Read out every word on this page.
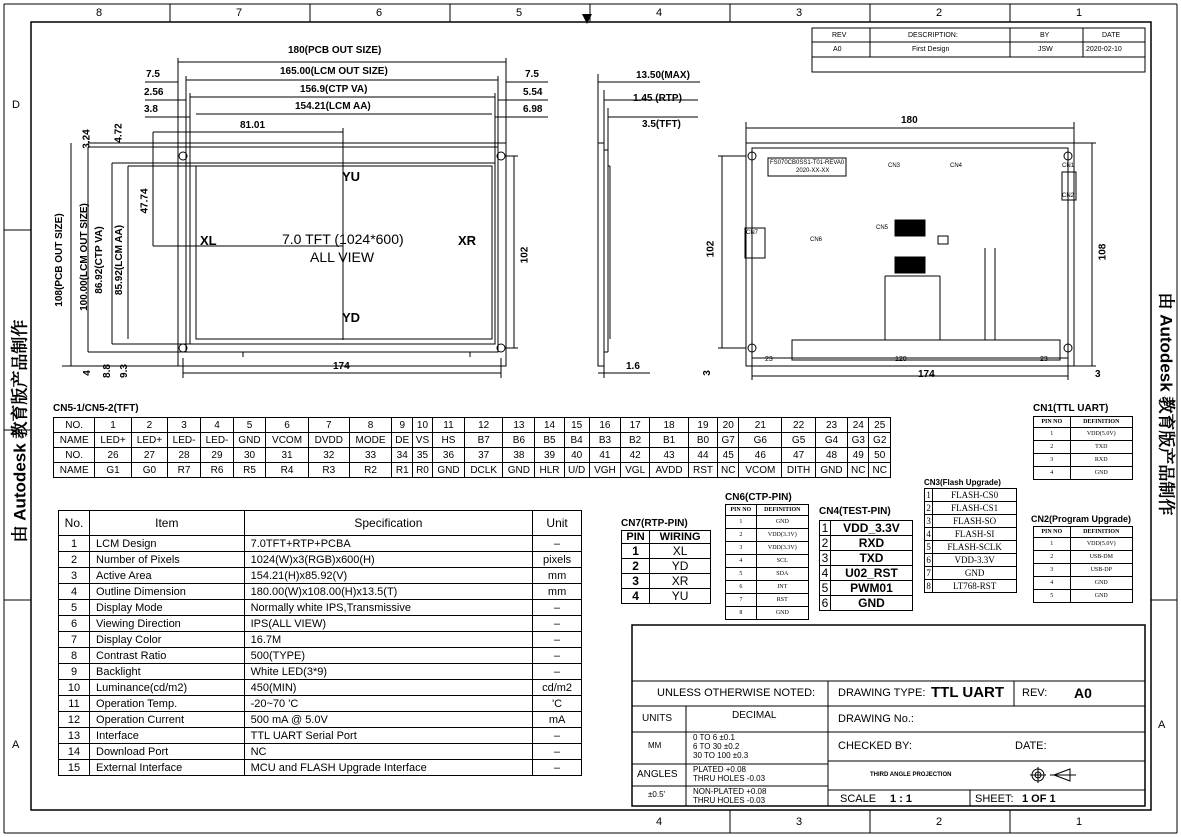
8	7	6	5	4	3	2	1
4	3	2	1
D
A
A
由 Autodesk 教育版产品制作	由 Autodesk 教育版产品制作
REV	DESCRIPTION:	BY	DATE
A0	First Design	JSW	2020-02-10
180(PCB OUT SIZE)
165.00(LCM OUT SIZE)
156.9(CTP VA)
154.21(LCM AA)
81.01
7.5	7.5
2.56	5.54
3.8	6.98
3.24 4.72
47.74
108(PCB OUT SIZE) 100.00(LCM OUT SIZE) 86.92(CTP VA) 85.92(LCM AA)	102
4 8.8 9.3	174
YU
YD
XL	XR
7.0 TFT (1024*600)
ALL VIEW
13.50(MAX)
1.45 (RTP)
3.5(TFT)
1.6
180
102	108
174
3	3
23	120	23
FS070CB0SS1-T01-REVA0
2020-XX-XX
CN3	CN4	CN1
CN2
CN5
CN6
CN7
CN5-1/CN5-2(TFT)
NO.	1	2	3	4	5	6	7	8	9	10	11	12	13	14	15	16	17	18	19	20	21	22	23	24	25
NAME	LED+	LED+	LED-	LED-	GND	VCOM	DVDD	MODE	DE	VS	HS	B7	B6	B5	B4	B3	B2	B1	B0	G7	G6	G5	G4	G3	G2
NO.	26	27	28	29	30	31	32	33	34	35	36	37	38	39	40	41	42	43	44	45	46	47	48	49	50
NAME	G1	G0	R7	R6	R5	R4	R3	R2	R1	R0	GND	DCLK	GND	HLR	U/D	VGH	VGL	AVDD	RST	NC	VCOM	DITH	GND	NC	NC
No.	Item	Specification	Unit
1	LCM Design	7.0TFT+RTP+PCBA	–
2	Number of Pixels	1024(W)x3(RGB)x600(H)	pixels
3	Active Area	154.21(H)x85.92(V)	mm
4	Outline Dimension	180.00(W)x108.00(H)x13.5(T)	mm
5	Display Mode	Normally white IPS,Transmissive	–
6	Viewing Direction	IPS(ALL VIEW)	–
7	Display Color	16.7M	–
8	Contrast Ratio	500(TYPE)	–
9	Backlight	White LED(3*9)	–
10	Luminance(cd/m2)	450(MIN)	cd/m2
11	Operation Temp.	-20~70 'C	'C
12	Operation Current	500 mA @ 5.0V	mA
13	Interface	TTL UART Serial Port	–
14	Download Port	NC	–
15	External Interface	MCU and FLASH Upgrade Interface	–
CN7(RTP-PIN)
PIN	WIRING
1	XL
2	YD
3	XR
4	YU
CN6(CTP-PIN)
PIN NO	DEFINITION
1	GND
2	VDD(3.3V)
3	VDD(3.3V)
4	SCL
5	SDA
6	INT
7	RST
8	GND
CN4(TEST-PIN)
1	VDD_3.3V
2	RXD
3	TXD
4	U02_RST
5	PWM01
6	GND
CN3(Flash Upgrade)
1	FLASH-CS0
2	FLASH-CS1
3	FLASH-SO
4	FLASH-SI
5	FLASH-SCLK
6	VDD-3.3V
7	GND
8	LT768-RST
CN1(TTL UART)
PIN NO	DEFINITION
1	VDD(5.0V)
2	TXD
3	RXD
4	GND
CN2(Program Upgrade)
PIN NO	DEFINITION
1	VDD(5.0V)
2	USB-DM
3	USB-DP
4	GND
5	GND
UNLESS OTHERWISE NOTED:
UNITS	DECIMAL
MM
0 TO 6 ±0.1
6 TO 30 ±0.2
30 TO 100 ±0.3
ANGLES PLATED +0.08
THRU HOLES -0.03
±0.5'	NON-PLATED +0.08
THRU HOLES -0.03
DRAWING TYPE: TTL UART REV: A0
DRAWING No.:
CHECKED BY:	DATE:
THIRD ANGLE PROJECTION
SCALE 1 : 1	SHEET: 1 OF 1
